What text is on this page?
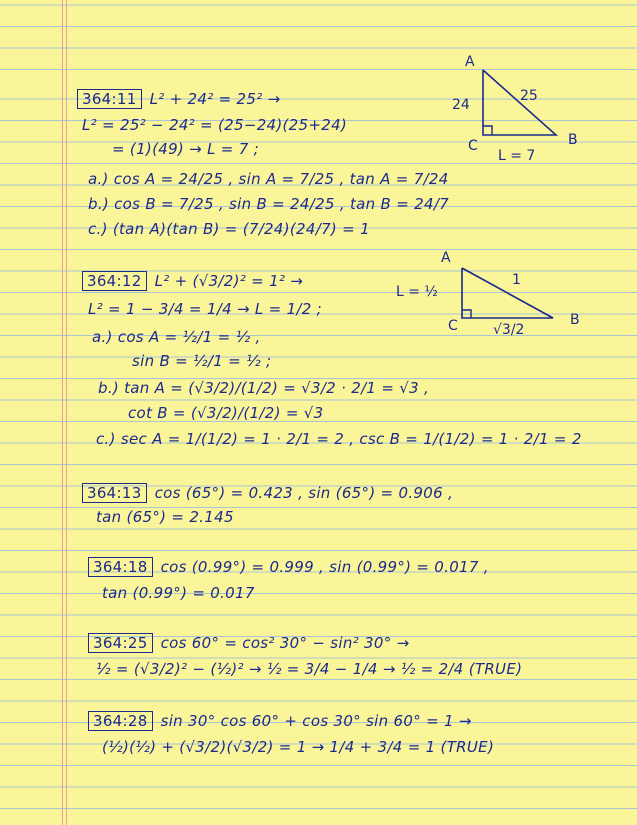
A
B
C
24
25
L = 7
A
B
C
L = ½
1
√3/2
364:11 L² + 24² = 25² →
L² = 25² − 24² = (25−24)(25+24)
= (1)(49) → L = 7 ;
a.) cos A = 24/25 , sin A = 7/25 , tan A = 7/24
b.) cos B = 7/25 , sin B = 24/25 , tan B = 24/7
c.) (tan A)(tan B) = (7/24)(24/7) = 1
364:12 L² + (√3/2)² = 1² →
L² = 1 − 3/4 = 1/4 → L = 1/2 ;
a.) cos A = ½/1 = ½ ,
sin B = ½/1 = ½ ;
b.) tan A = (√3/2)/(1/2) = √3/2 · 2/1 = √3 ,
cot B = (√3/2)/(1/2) = √3
c.) sec A = 1/(1/2) = 1 · 2/1 = 2 , csc B = 1/(1/2) = 1 · 2/1 = 2
364:13 cos (65°) = 0.423 , sin (65°) = 0.906 ,
tan (65°) = 2.145
364:18 cos (0.99°) = 0.999 , sin (0.99°) = 0.017 ,
tan (0.99°) = 0.017
364:25 cos 60° = cos² 30° − sin² 30° →
½ = (√3/2)² − (½)² → ½ = 3/4 − 1/4 → ½ = 2/4 (TRUE)
364:28 sin 30° cos 60° + cos 30° sin 60° = 1 →
(½)(½) + (√3/2)(√3/2) = 1 → 1/4 + 3/4 = 1 (TRUE)
